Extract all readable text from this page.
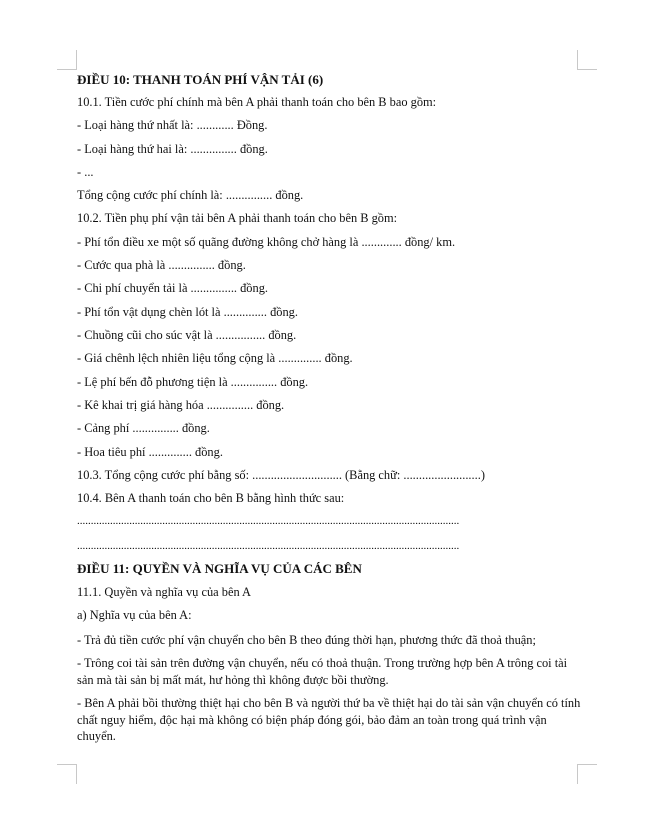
ĐIỀU 10: THANH TOÁN PHÍ VẬN TẢI (6)
10.1. Tiền cước phí chính mà bên A phải thanh toán cho bên B bao gồm:
- Loại hàng thứ nhất là: ............ Đồng.
- Loại hàng thứ hai là: ............... đồng.
- ...
Tổng cộng cước phí chính là: ............... đồng.
10.2. Tiền phụ phí vận tải bên A phải thanh toán cho bên B gồm:
- Phí tổn điều xe một số quãng đường không chở hàng là ............. đồng/ km.
- Cước qua phà là ............... đồng.
- Chi phí chuyển tải là ............... đồng.
- Phí tổn vật dụng chèn lót là .............. đồng.
- Chuồng cũi cho súc vật là ................ đồng.
- Giá chênh lệch nhiên liệu tổng cộng là .............. đồng.
- Lệ phí bến đỗ phương tiện là ............... đồng.
- Kê khai trị giá hàng hóa ............... đồng.
- Cảng phí ............... đồng.
- Hoa tiêu phí .............. đồng.
10.3. Tổng cộng cước phí bằng số: ............................. (Bằng chữ: .........................)
10.4. Bên A thanh toán cho bên B bằng hình thức sau:
...........................................................................................................................................
...........................................................................................................................................
ĐIỀU 11: QUYỀN VÀ NGHĨA VỤ CỦA CÁC BÊN
11.1. Quyền và nghĩa vụ của bên A
a) Nghĩa vụ của bên A:
- Trả đủ tiền cước phí vận chuyển cho bên B theo đúng thời hạn, phương thức đã thoả thuận;
- Trông coi tài sản trên đường vận chuyển, nếu có thoả thuận. Trong trường hợp bên A trông coi tài sản mà tài sản bị mất mát, hư hỏng thì không được bồi thường.
- Bên A phải bồi thường thiệt hại cho bên B và người thứ ba về thiệt hại do tài sản vận chuyển có tính chất nguy hiểm, độc hại mà không có biện pháp đóng gói, bảo đảm an toàn trong quá trình vận chuyển.
